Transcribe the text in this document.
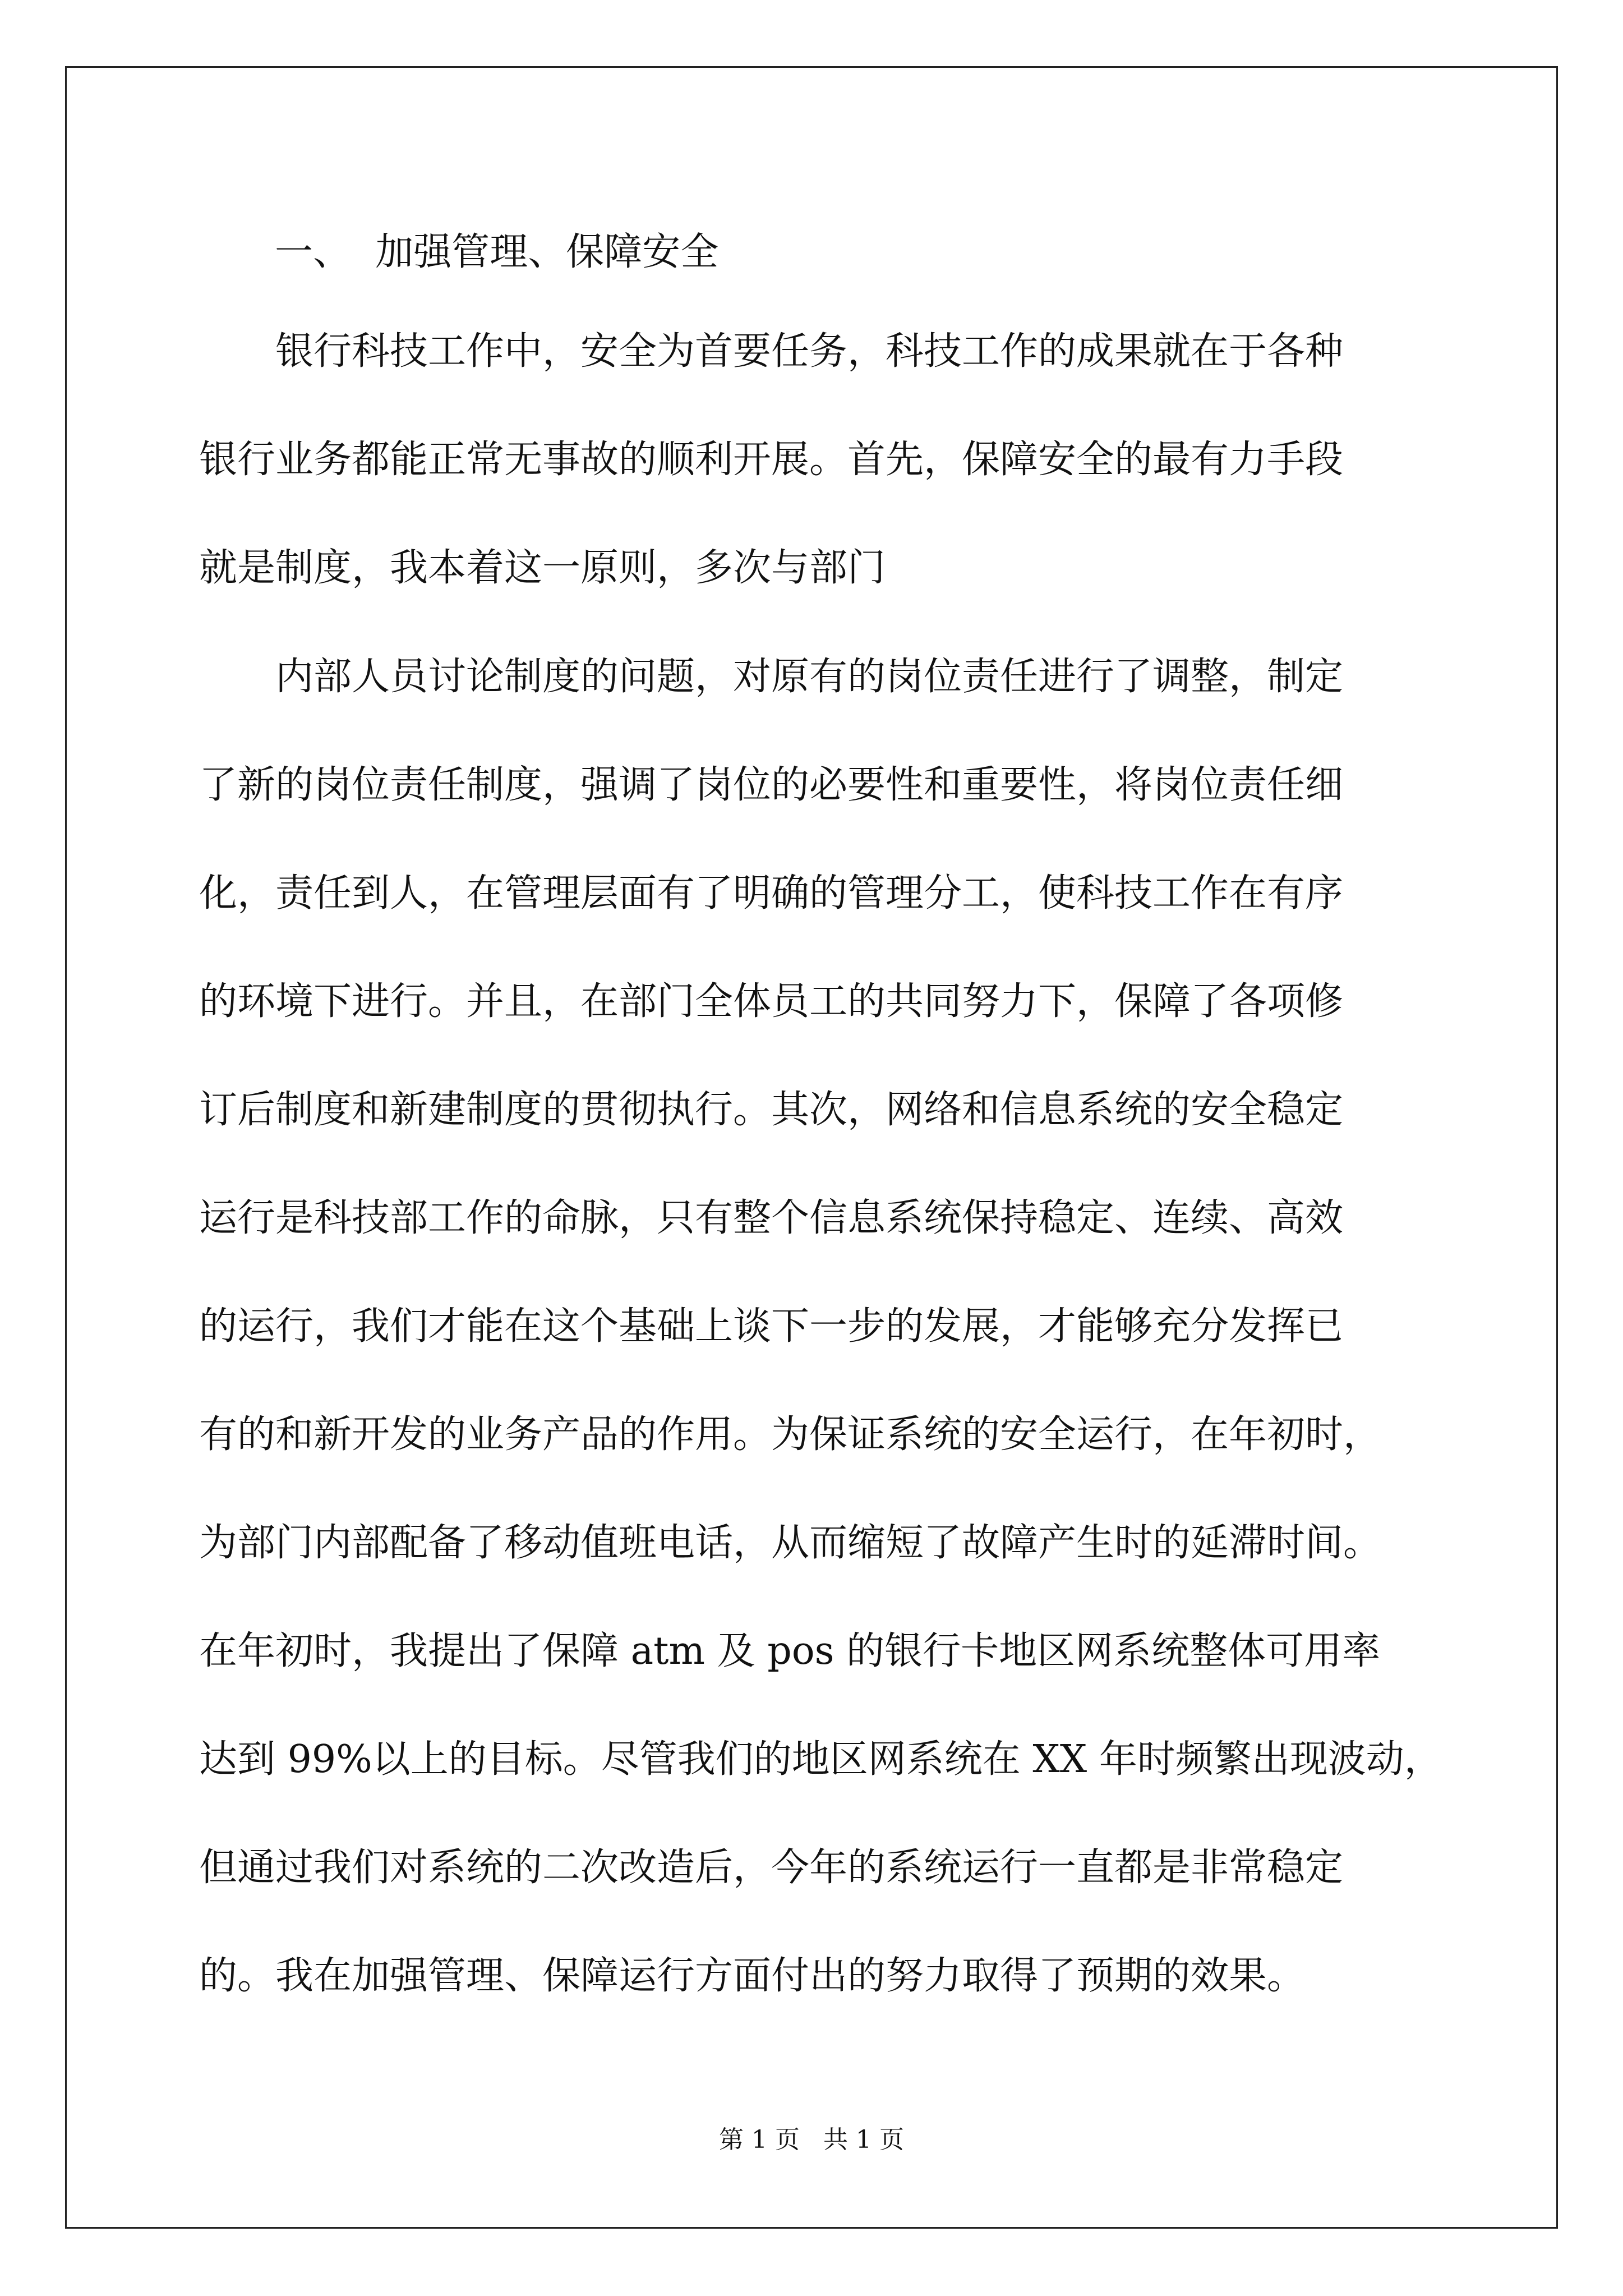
一、  加强管理、保障安全
　　银行科技工作中，安全为首要任务，科技工作的成果就在于各种
银行业务都能正常无事故的顺利开展。首先，保障安全的最有力手段
就是制度，我本着这一原则，多次与部门
　　内部人员讨论制度的问题，对原有的岗位责任进行了调整，制定
了新的岗位责任制度，强调了岗位的必要性和重要性，将岗位责任细
化，责任到人，在管理层面有了明确的管理分工，使科技工作在有序
的环境下进行。并且，在部门全体员工的共同努力下，保障了各项修
订后制度和新建制度的贯彻执行。其次，网络和信息系统的安全稳定
运行是科技部工作的命脉，只有整个信息系统保持稳定、连续、高效
的运行，我们才能在这个基础上谈下一步的发展，才能够充分发挥已
有的和新开发的业务产品的作用。为保证系统的安全运行，在年初时，
为部门内部配备了移动值班电话，从而缩短了故障产生时的延滞时间。
在年初时，我提出了保障 atm 及 pos 的银行卡地区网系统整体可用率
达到 99%以上的目标。尽管我们的地区网系统在 XX 年时频繁出现波动，
但通过我们对系统的二次改造后，今年的系统运行一直都是非常稳定
的。我在加强管理、保障运行方面付出的努力取得了预期的效果。
第 1 页   共 1 页
